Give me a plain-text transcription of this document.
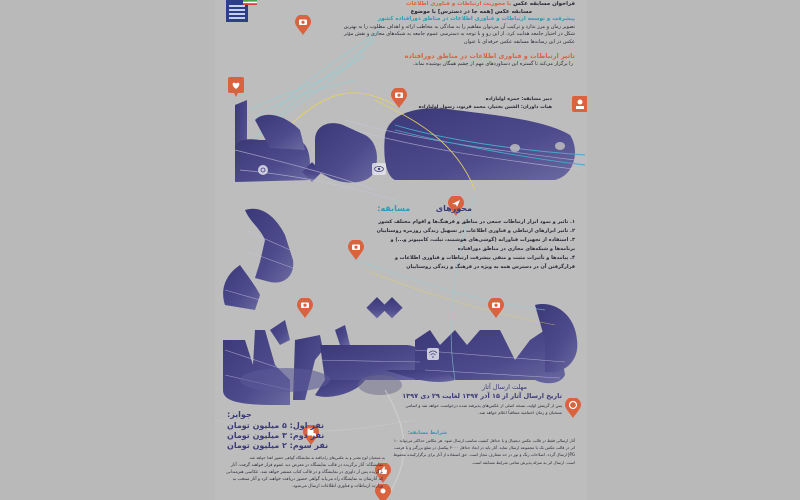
فراخوان مسابقه عکس با محوریت ارتباطات و فناوری اطلاعات
مسابقه عکس [همه جا در دسترس] با موضوع
پیشرفت و توسعه ارتباطات و فناوری اطلاعات در مناطق دورافتاده کشور
تصویر زمان و مرز ندارد و ترکیب آن می‌توان مفاهیم را به سادگی به مخاطب ارائه و اهداف مطلوب را به بهترین شکل در اختیار جامعه هدایت کرد. از این رو و با توجه به دسترسی عموم جامعه به شبکه‌های مجازی و نقش مؤثر عکس در این رسانه‌ها مسابقه عکس حرفه‌ای با عنوان
تاثیر ارتباطات و فناوری اطلاعات در مناطق دورافتاده
را برگزار می‌کند تا گستره این دستاوردهای مهم از چشم همگان پوشیده نماند.
دبیر مسابقه: حمزه اولیازاده
هیات داوران: الشین بختیار، محمد فرنود، رسول اولیازاده
محورهای  مسابقه:
۱. تاثیر و نمود ابزار ارتباطات جمعی در مناطق و فرهنگ‌ها و اقوام مختلف کشور
۲. تاثیر ابزارهای ارتباطی و فناوری اطلاعات در تسهیل زندگی روزمره روستاییان
۳. استفاده از تجهیزات فناورانه (گوشی‌های هوشمند، تبلت، کامپیوتر و...) و برنامه‌ها و شبکه‌های مجازی در مناطق دورافتاده
۴. پیامدها و تأثیرات مثبت و منفی پیشرفت ارتباطات و فناوری اطلاعات و قرارگرفتن آن در دسترس همه به ویژه در فرهنگ و زندگی روستاییان
مهلت ارسال آثار
تاریخ ارسال آثار از ۱۵ آذر ۱۳۹۷ لغایت ۲۹ دی ۱۳۹۷
پس از گزینش اولیه، نسخه اصلی از عکس‌های پذیرفته شده درخواست خواهد شد و اسامی منتخبان و زمان اختتامیه متعاقباً اعلام خواهد شد.
جوایز:
نفر اول: ۵ میلیون تومان
نفر دوم: ۳ میلیون تومان
نفر سوم: ۲ میلیون تومان
به منتخبان لوح تقدیر و به عکس‌های راه‌یافته به نمایشگاه گواهی حضور اهدا خواهد شد.
نمایشگاه: آثار برگزیده در قالب نمایشگاه در معرض دید عموم قرار خواهند گرفت. آثار برگزیده پس از داوری در نمایشگاه و در قالب کتاب منتشر خواهد شد. عکاسی هنرمندانی که آثارشان به نمایشگاه راه می‌یابد گواهی حضور دریافت خواهند کرد و آثار منتخب به وزارت ارتباطات و فناوری اطلاعات ارسال می‌شود.
شرایط مسابقه:
آثار ارسالی فقط در قالب عکس دیجیتال و با حداقل کیفیت مناسب ارسال شود. هر عکاس حداکثر می‌تواند ۱۰ اثر در قالب عکس تک یا مجموعه ارسال نماید. آثار باید در ابعاد حداقل ۳۰۰۰ پیکسل در ضلع بزرگتر و با فرمت JPG ارسال گردد. اصلاحات رنگ و نور در حد متعارف مجاز است. حق استفاده از آثار برای برگزارکننده محفوظ است. ارسال اثر به منزله پذیرش تمامی شرایط مسابقه است.
